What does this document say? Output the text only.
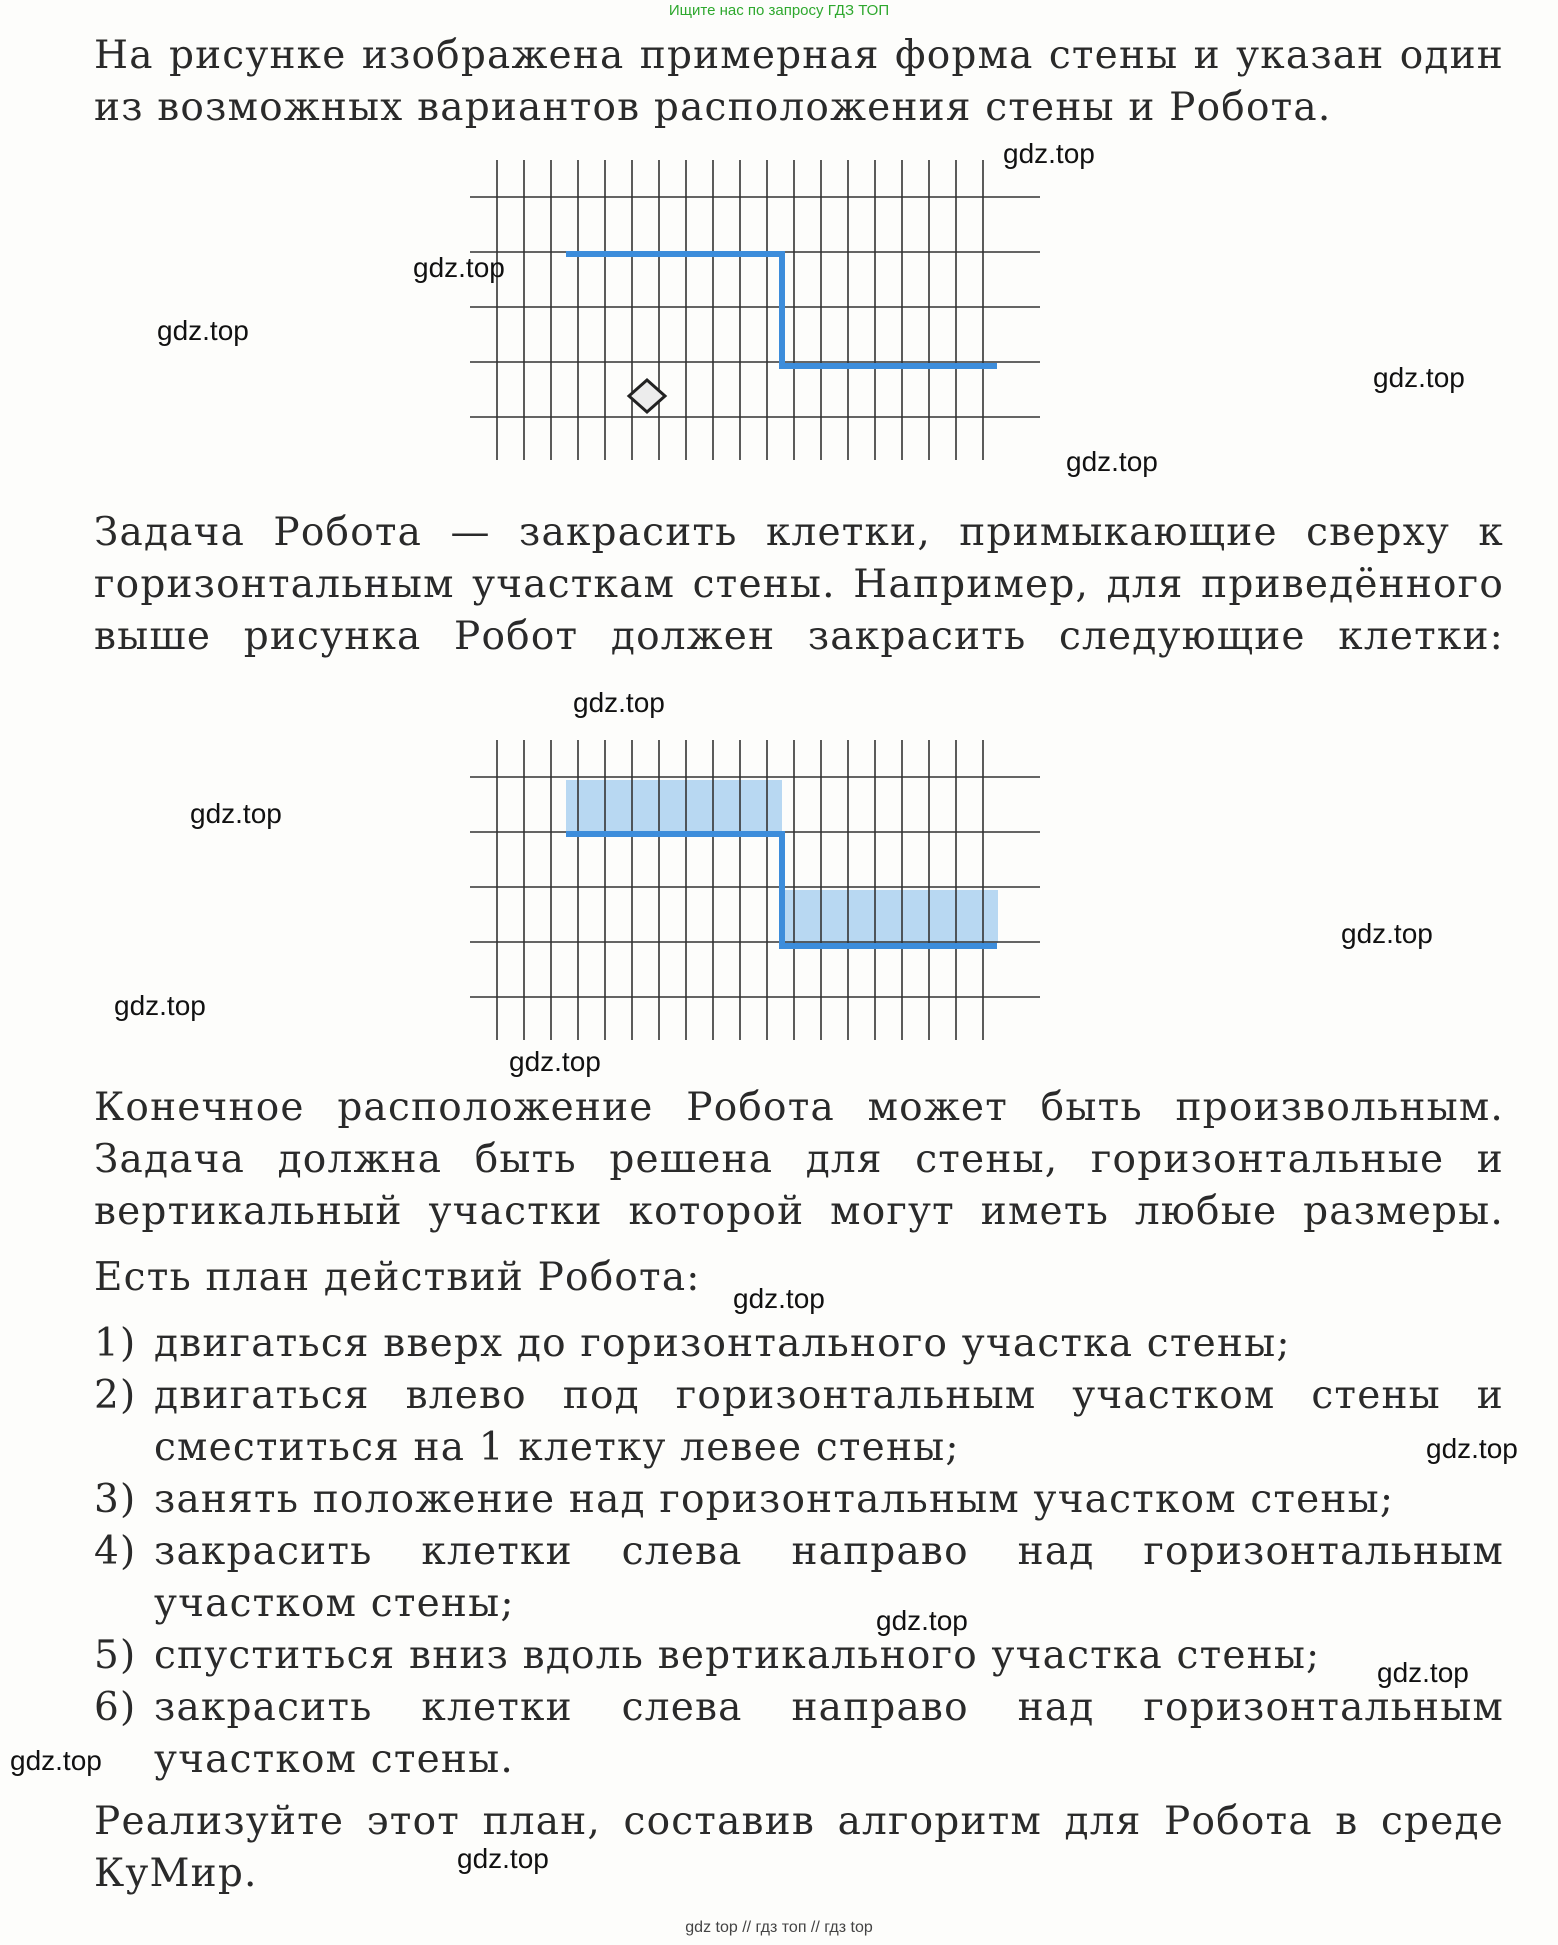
Ищите нас по запросу ГДЗ ТОП

На рисунке изображена примерная форма стены и указан один из возможных вариантов расположения стены и Робота.

Задача Робота — закрасить клетки, примыкающие сверху к горизонтальным участкам стены. Например, для приведённого выше рисунка Робот должен закрасить следующие клетки:

Конечное расположение Робота может быть произвольным. Задача должна быть решена для стены, горизонтальные и вертикальный участки которой могут иметь любые размеры.

Есть план действий Робота:
1) двигаться вверх до горизонтального участка стены;
2) двигаться влево под горизонтальным участком стены и сместиться на 1 клетку левее стены;
3) занять положение над горизонтальным участком стены;
4) закрасить клетки слева направо над горизонтальным участком стены;
5) спуститься вниз вдоль вертикального участка стены;
6) закрасить клетки слева направо над горизонтальным участком стены.

Реализуйте этот план, составив алгоритм для Робота в среде КуМир.

gdz.top
gdz.top
gdz.top
gdz.top
gdz.top
gdz.top
gdz.top
gdz.top
gdz.top
gdz.top
gdz.top
gdz.top
gdz.top
gdz.top
gdz.top
gdz.top
gdz top // гдз топ // гдз top
